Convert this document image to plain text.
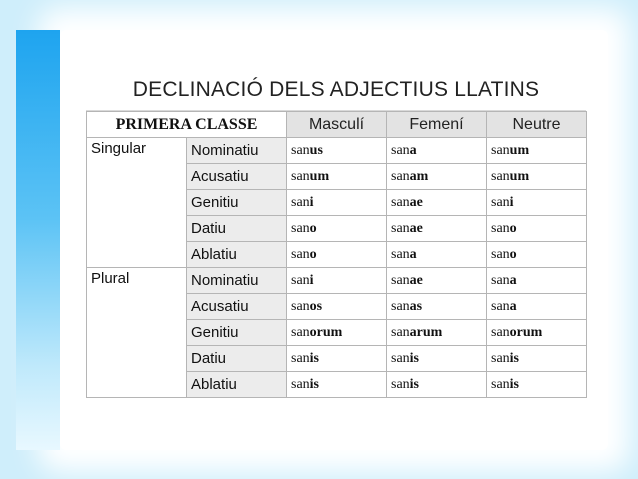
DECLINACIÓ DELS ADJECTIUS LLATINS
PRIMERA CLASSE		Masculí	Femení	Neutre
Singular	Nominatiu	sanus	sana	sanum
	Acusatiu	sanum	sanam	sanum
	Genitiu	sani	sanae	sani
	Datiu	sano	sanae	sano
	Ablatiu	sano	sana	sano
Plural	Nominatiu	sani	sanae	sana
	Acusatiu	sanos	sanas	sana
	Genitiu	sanorum	sanarum	sanorum
	Datiu	sanis	sanis	sanis
	Ablatiu	sanis	sanis	sanis
